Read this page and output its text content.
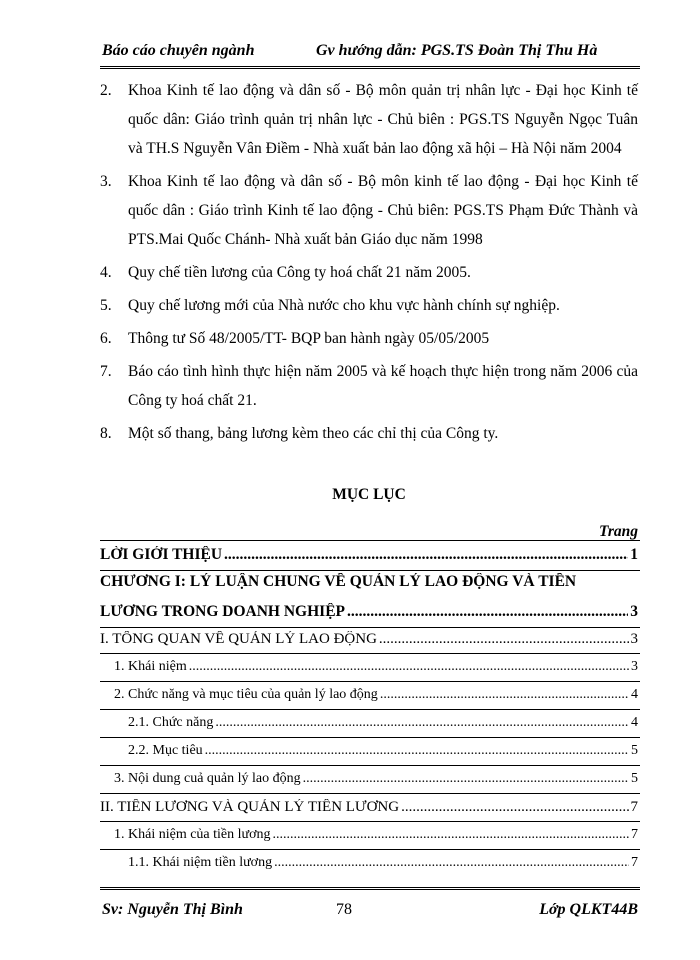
Báo cáo chuyên ngành	Gv hướng dẫn: PGS.TS Đoàn Thị Thu Hà
2. Khoa Kinh tế lao động và dân số - Bộ môn quản trị nhân lực - Đại học Kinh tế quốc dân: Giáo trình quản trị nhân lực - Chủ biên : PGS.TS Nguyễn Ngọc Tuân và TH.S Nguyễn Vân Điềm - Nhà xuất bản lao động xã hội – Hà Nội năm 2004
3. Khoa Kinh tế lao động và dân số - Bộ môn kinh tế lao động - Đại học Kinh tế quốc dân : Giáo trình Kinh tế lao động - Chủ biên: PGS.TS Phạm Đức Thành và PTS.Mai Quốc Chánh- Nhà xuất bản Giáo dục năm 1998
4. Quy chế tiền lương của Công ty hoá chất 21 năm 2005.
5. Quy chế lương mới của Nhà nước cho khu vực hành chính sự nghiệp.
6. Thông tư Số 48/2005/TT- BQP ban hành ngày 05/05/2005
7. Báo cáo tình hình thực hiện năm 2005 và kế hoạch thực hiện trong năm 2006 của Công ty hoá chất 21.
8. Một số thang, bảng lương kèm theo các chỉ thị của Công ty.
MỤC LỤC
Trang
LỜI GIỚI THIỆU .....	1
CHƯƠNG I: LÝ LUẬN CHUNG VỀ QUẢN LÝ LAO ĐỘNG VÀ TIỀN
LƯƠNG TRONG DOANH NGHIỆP .....	3
I. TỔNG QUAN VỀ QUẢN LÝ LAO ĐỘNG .....	3
1. Khái niệm .....	3
2. Chức năng và mục tiêu của quản lý lao động .....	4
2.1. Chức năng .....	4
2.2. Mục tiêu .....	5
3. Nội dung cuả quản lý lao động .....	5
II. TIỀN LƯƠNG VÀ QUẢN LÝ TIỀN LƯƠNG .....	7
1. Khái niệm của tiền lương .....	7
1.1. Khái niệm tiền lương .....	7
Sv: Nguyễn Thị Bình	78	Lớp QLKT44B
